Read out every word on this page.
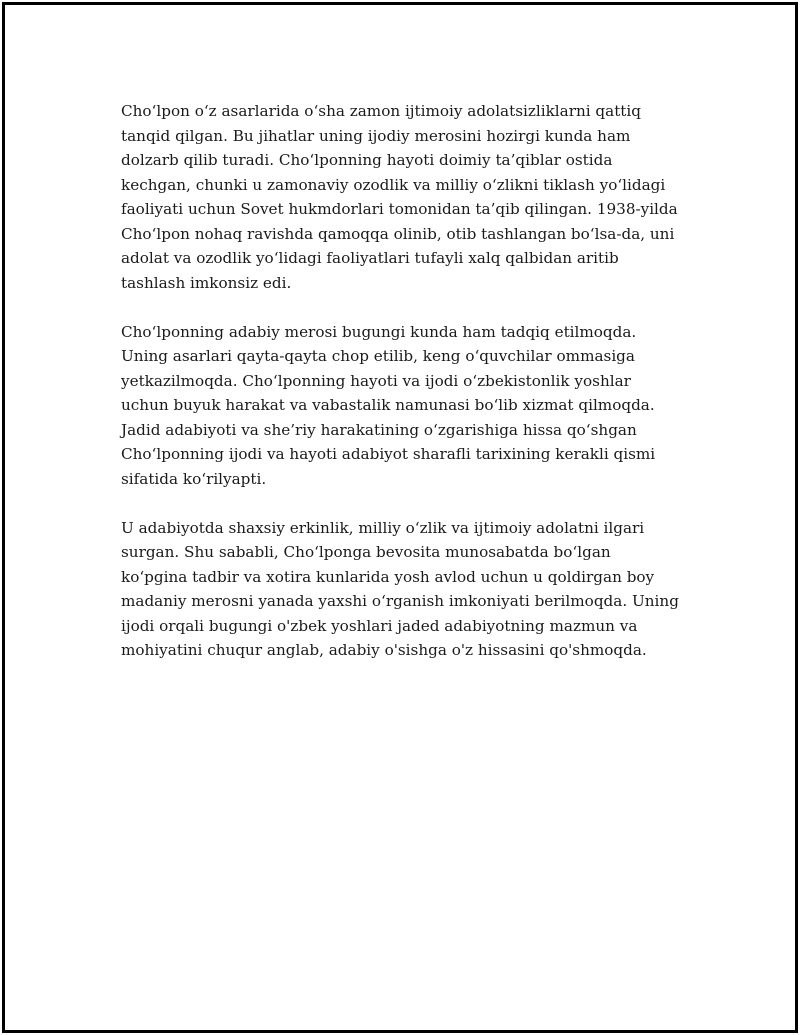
Cho‘lpon o‘z asarlarida o‘sha zamon ijtimoiy adolatsizliklarni qattiq tanqid qilgan. Bu jihatlar uning ijodiy merosini hozirgi kunda ham dolzarb qilib turadi. Cho‘lponning hayoti doimiy ta’qiblar ostida kechgan, chunki u zamonaviy ozodlik va milliy o‘zlikni tiklash yo‘lidagi faoliyati uchun Sovet hukmdorlari tomonidan ta’qib qilingan. 1938-yilda Cho‘lpon nohaq ravishda qamoqqa olinib, otib tashlangan bo‘lsa-da, uni adolat va ozodlik yo‘lidagi faoliyatlari tufayli xalq qalbidan aritib tashlash imkonsiz edi.

Cho‘lponning adabiy merosi bugungi kunda ham tadqiq etilmoqda. Uning asarlari qayta-qayta chop etilib, keng o‘quvchilar ommasiga yetkazilmoqda. Cho‘lponning hayoti va ijodi o‘zbekistonlik yoshlar uchun buyuk harakat va vabastalik namunasi bo‘lib xizmat qilmoqda. Jadid adabiyoti va she’riy harakatining o‘zgarishiga hissa qo‘shgan Cho‘lponning ijodi va hayoti adabiyot sharafli tarixining kerakli qismi sifatida ko‘rilyapti.

U adabiyotda shaxsiy erkinlik, milliy o‘zlik va ijtimoiy adolatni ilgari surgan. Shu sababli, Cho‘lponga bevosita munosabatda bo‘lgan ko‘pgina tadbir va xotira kunlarida yosh avlod uchun u qoldirgan boy madaniy merosni yanada yaxshi o‘rganish imkoniyati berilmoqda. Uning ijodi orqali bugungi o'zbek yoshlari jaded adabiyotning mazmun va mohiyatini chuqur anglab, adabiy o'sishga o'z hissasini qo'shmoqda.
